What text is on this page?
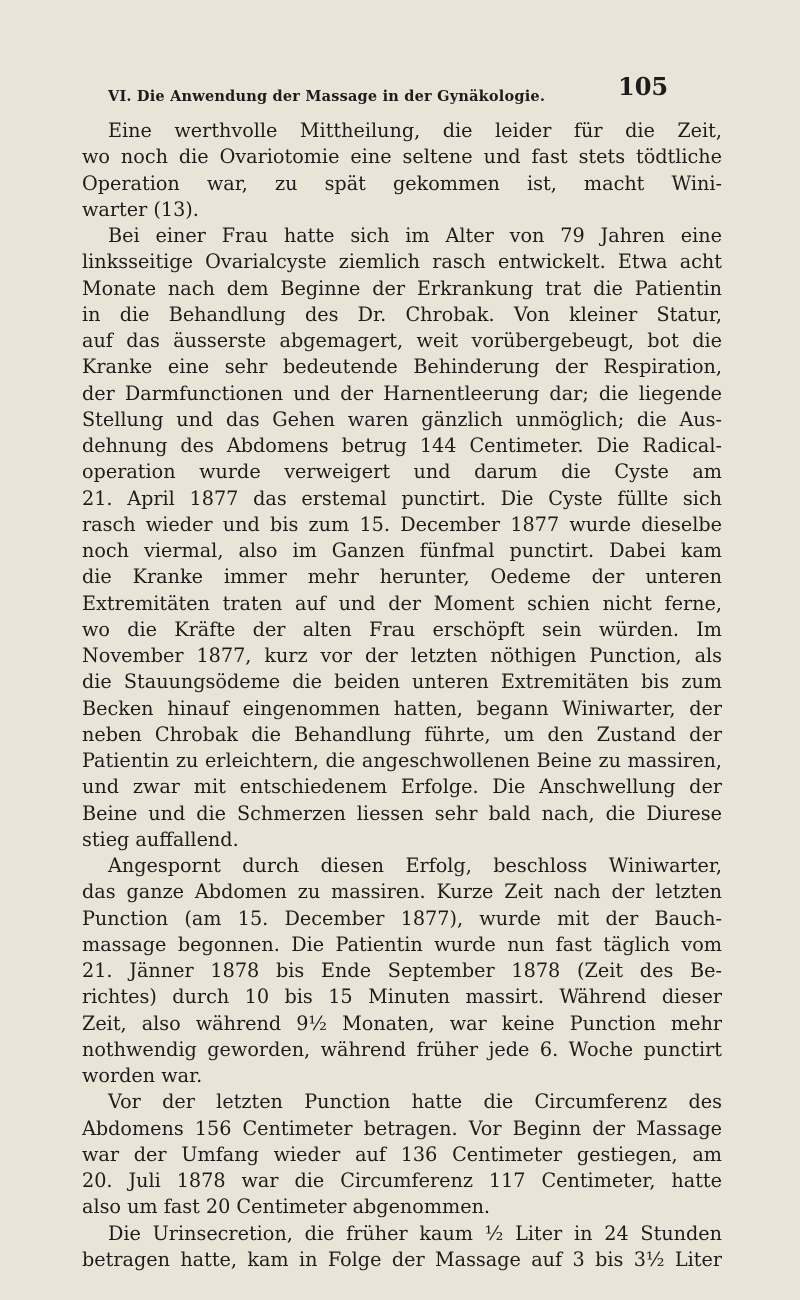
VI. Die Anwendung der Massage in der Gynäkologie.	105
Eine werthvolle Mittheilung, die leider für die Zeit,
wo noch die Ovariotomie eine seltene und fast stets tödtliche
Operation war, zu spät gekommen ist, macht Wini-
warter (13).
Bei einer Frau hatte sich im Alter von 79 Jahren eine
linksseitige Ovarialcyste ziemlich rasch entwickelt. Etwa acht
Monate nach dem Beginne der Erkrankung trat die Patientin
in die Behandlung des Dr. Chrobak. Von kleiner Statur,
auf das äusserste abgemagert, weit vorübergebeugt, bot die
Kranke eine sehr bedeutende Behinderung der Respiration,
der Darmfunctionen und der Harnentleerung dar; die liegende
Stellung und das Gehen waren gänzlich unmöglich; die Aus-
dehnung des Abdomens betrug 144 Centimeter. Die Radical-
operation wurde verweigert und darum die Cyste am
21. April 1877 das erstemal punctirt. Die Cyste füllte sich
rasch wieder und bis zum 15. December 1877 wurde dieselbe
noch viermal, also im Ganzen fünfmal punctirt. Dabei kam
die Kranke immer mehr herunter, Oedeme der unteren
Extremitäten traten auf und der Moment schien nicht ferne,
wo die Kräfte der alten Frau erschöpft sein würden. Im
November 1877, kurz vor der letzten nöthigen Punction, als
die Stauungsödeme die beiden unteren Extremitäten bis zum
Becken hinauf eingenommen hatten, begann Winiwarter, der
neben Chrobak die Behandlung führte, um den Zustand der
Patientin zu erleichtern, die angeschwollenen Beine zu massiren,
und zwar mit entschiedenem Erfolge. Die Anschwellung der
Beine und die Schmerzen liessen sehr bald nach, die Diurese
stieg auffallend.
Angespornt durch diesen Erfolg, beschloss Winiwarter,
das ganze Abdomen zu massiren. Kurze Zeit nach der letzten
Punction (am 15. December 1877), wurde mit der Bauch-
massage begonnen. Die Patientin wurde nun fast täglich vom
21. Jänner 1878 bis Ende September 1878 (Zeit des Be-
richtes) durch 10 bis 15 Minuten massirt. Während dieser
Zeit, also während 9½ Monaten, war keine Punction mehr
nothwendig geworden, während früher jede 6. Woche punctirt
worden war.
Vor der letzten Punction hatte die Circumferenz des
Abdomens 156 Centimeter betragen. Vor Beginn der Massage
war der Umfang wieder auf 136 Centimeter gestiegen, am
20. Juli 1878 war die Circumferenz 117 Centimeter, hatte
also um fast 20 Centimeter abgenommen.
Die Urinsecretion, die früher kaum ½ Liter in 24 Stunden
betragen hatte, kam in Folge der Massage auf 3 bis 3½ Liter
